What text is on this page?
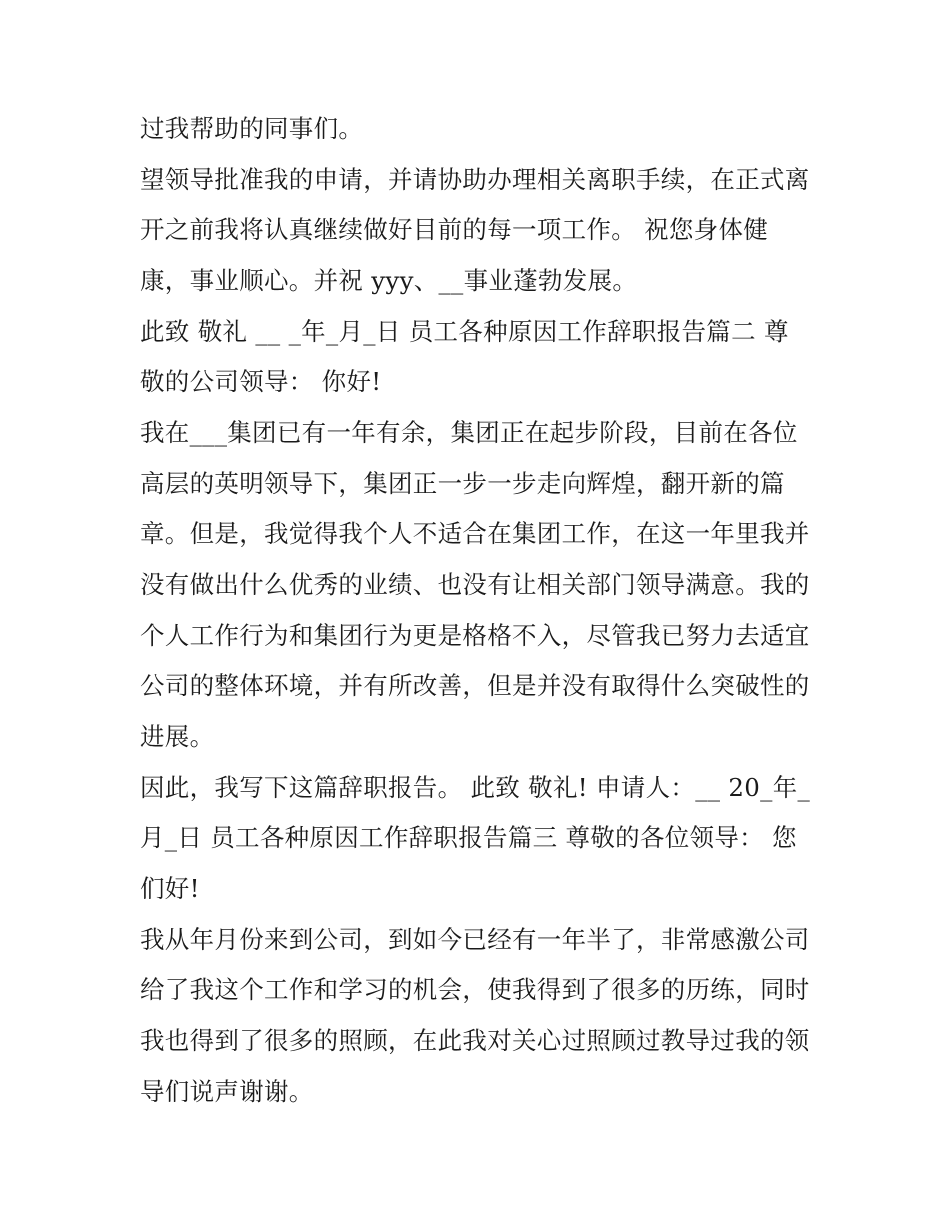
过我帮助的同事们。
望领导批准我的申请，并请协助办理相关离职手续，在正式离
开之前我将认真继续做好目前的每一项工作。 祝您身体健
康，事业顺心。并祝 yyy、__事业蓬勃发展。
此致 敬礼 __ _年_月_日 员工各种原因工作辞职报告篇二 尊
敬的公司领导： 你好!
我在___集团已有一年有余，集团正在起步阶段，目前在各位
高层的英明领导下，集团正一步一步走向辉煌，翻开新的篇
章。但是，我觉得我个人不适合在集团工作，在这一年里我并
没有做出什么优秀的业绩、也没有让相关部门领导满意。我的
个人工作行为和集团行为更是格格不入，尽管我已努力去适宜
公司的整体环境，并有所改善，但是并没有取得什么突破性的
进展。
因此，我写下这篇辞职报告。 此致 敬礼! 申请人：__ 20_年_
月_日 员工各种原因工作辞职报告篇三 尊敬的各位领导： 您
们好!
我从年月份来到公司，到如今已经有一年半了，非常感激公司
给了我这个工作和学习的机会，使我得到了很多的历练，同时
我也得到了很多的照顾，在此我对关心过照顾过教导过我的领
导们说声谢谢。
